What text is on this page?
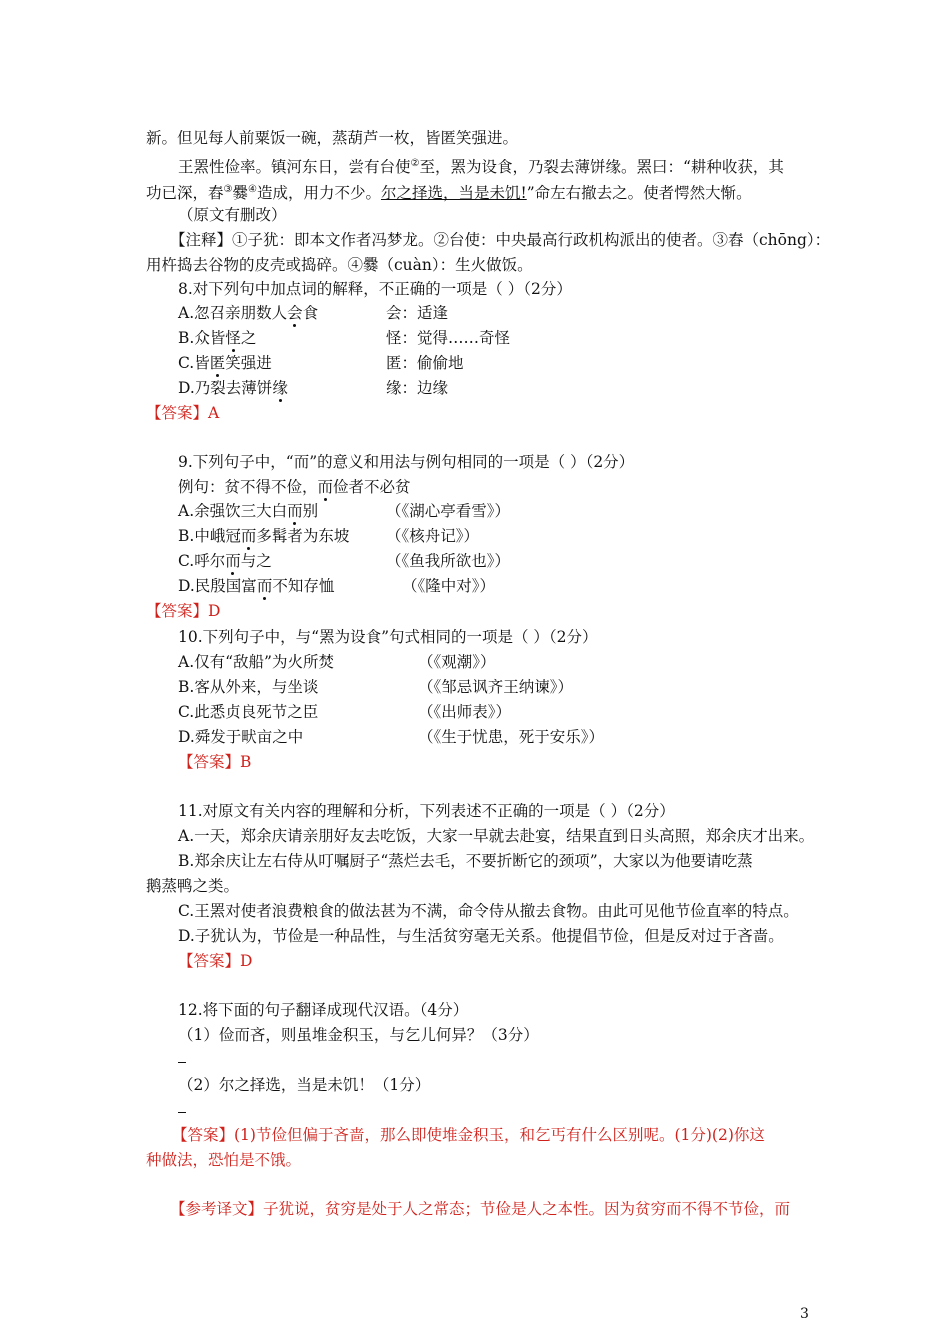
新。但见每人前粟饭一碗，蒸葫芦一枚，皆匿笑强进。
王罴性俭率。镇河东日，尝有台使②至，罴为设食，乃裂去薄饼缘。罴曰：“耕种收获，其
功已深，舂③爨④造成，用力不少。尔之择选，当是未饥!”命左右撤去之。使者愕然大惭。
（原文有删改）
【注释】①子犹：即本文作者冯梦龙。②台使：中央最高行政机构派出的使者。③舂（chōng）：
用杵捣去谷物的皮壳或捣碎。④爨（cuàn）：生火做饭。
8.对下列句中加点词的解释，不正确的一项是（ ）（2分）
A.忽召亲朋数人会食	会：适逢
B.众皆怪之	怪：觉得……奇怪
C.皆匿笑强进	匿：偷偷地
D.乃裂去薄饼缘	缘：边缘
【答案】A
9.下列句子中，“而”的意义和用法与例句相同的一项是（ ）（2分）
例句：贫不得不俭，而俭者不必贫
A.余强饮三大白而别	（《湖心亭看雪》）
B.中峨冠而多髯者为东坡 （《核舟记》）
C.呼尔而与之	（《鱼我所欲也》）
D.民殷国富而不知存恤	（《隆中对》）
【答案】D
10.下列句子中，与“罴为设食”句式相同的一项是（ ）（2分）
A.仅有“敌船”为火所焚	（《观潮》）
B.客从外来，与坐谈	（《邹忌讽齐王纳谏》）
C.此悉贞良死节之臣	（《出师表》）
D.舜发于畎亩之中	（《生于忧患，死于安乐》）
【答案】B
11.对原文有关内容的理解和分析，下列表述不正确的一项是（ ）（2分）
A.一天，郑余庆请亲朋好友去吃饭，大家一早就去赴宴，结果直到日头高照，郑余庆才出来。
B.郑余庆让左右侍从叮嘱厨子“蒸烂去毛，不要折断它的颈项”，大家以为他要请吃蒸
鹅蒸鸭之类。
C.王罴对使者浪费粮食的做法甚为不满，命令侍从撤去食物。由此可见他节俭直率的特点。
D.子犹认为，节俭是一种品性，与生活贫穷毫无关系。他提倡节俭，但是反对过于吝啬。
【答案】D
12.将下面的句子翻译成现代汉语。（4分）
（1）俭而吝，则虽堆金积玉，与乞儿何异？（3分）
（2）尔之择选，当是未饥！（1分）
【答案】(1)节俭但偏于吝啬，那么即使堆金积玉，和乞丐有什么区别呢。(1分)(2)你这
种做法，恐怕是不饿。
【参考译文】子犹说，贫穷是处于人之常态；节俭是人之本性。因为贫穷而不得不节俭，而
3
